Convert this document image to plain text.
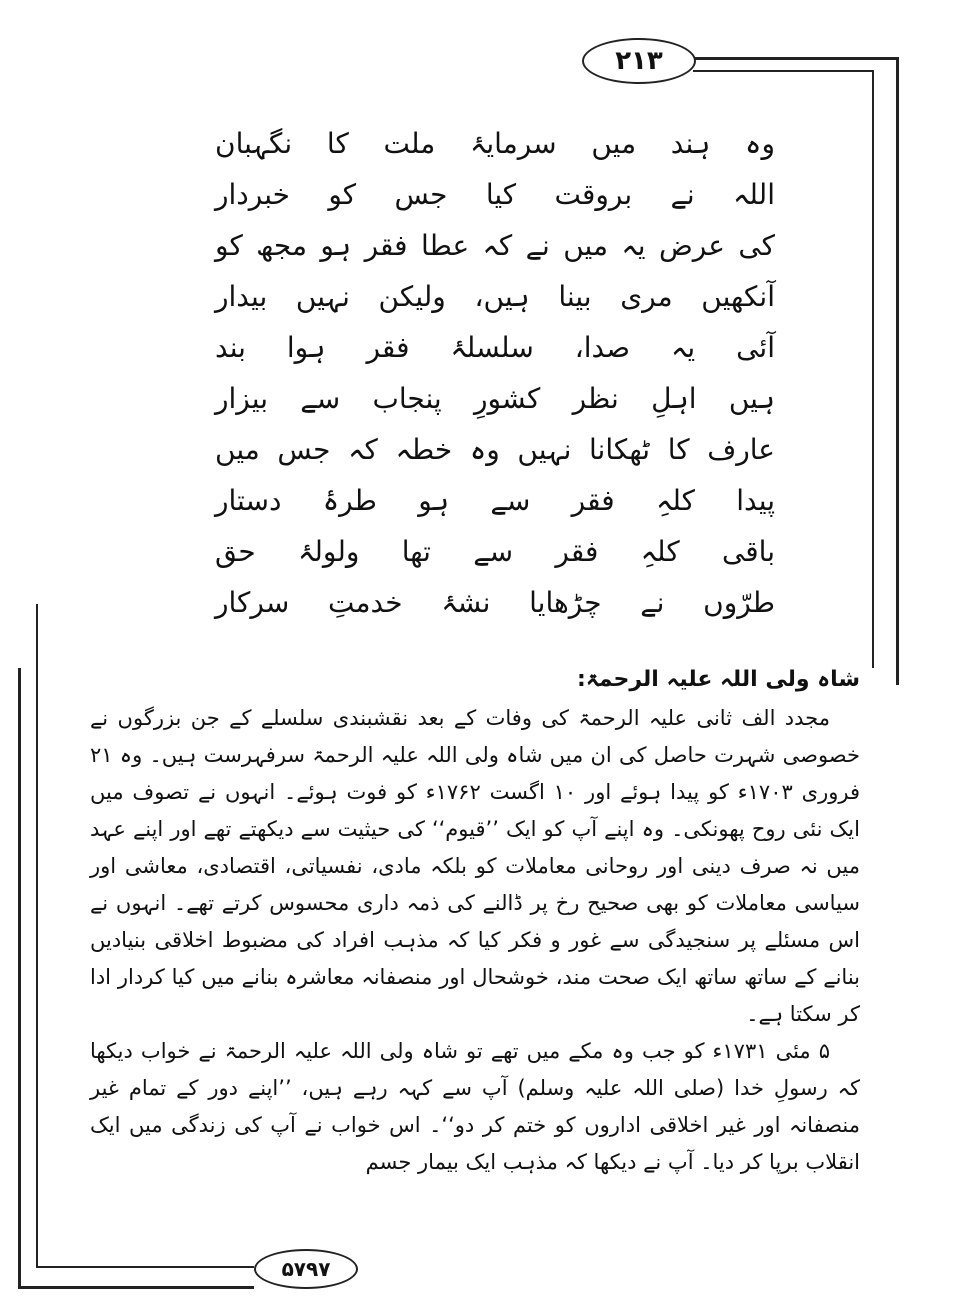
۲۱۳
وہ ہند میں سرمایۂ ملت کا نگہبان
اللہ نے بروقت کیا جس کو خبردار
کی عرض یہ میں نے کہ عطا فقر ہو مجھ کو
آنکھیں مری بینا ہیں، ولیکن نہیں بیدار
آئی یہ صدا، سلسلۂ فقر ہوا بند
ہیں اہلِ نظر کشورِ پنجاب سے بیزار
عارف کا ٹھکانا نہیں وہ خطہ کہ جس میں
پیدا کلہِ فقر سے ہو طرۂ دستار
باقی کلہِ فقر سے تھا ولولۂ حق
طرّوں نے چڑھایا نشۂ خدمتِ سرکار
شاہ ولی اللہ علیہ الرحمۃ:

مجدد الف ثانی علیہ الرحمۃ کی وفات کے بعد نقشبندی سلسلے کے جن بزرگوں نے خصوصی شہرت حاصل کی ان میں شاہ ولی اللہ علیہ الرحمۃ سرفہرست ہیں۔ وہ ۲۱ فروری ۱۷۰۳ء کو پیدا ہوئے اور ۱۰ اگست ۱۷۶۲ء کو فوت ہوئے۔ انہوں نے تصوف میں ایک نئی روح پھونکی۔ وہ اپنے آپ کو ایک ’’قیوم‘‘ کی حیثیت سے دیکھتے تھے اور اپنے عہد میں نہ صرف دینی اور روحانی معاملات کو بلکہ مادی، نفسیاتی، اقتصادی، معاشی اور سیاسی معاملات کو بھی صحیح رخ پر ڈالنے کی ذمہ داری محسوس کرتے تھے۔ انہوں نے اس مسئلے پر سنجیدگی سے غور و فکر کیا کہ مذہب افراد کی مضبوط اخلاقی بنیادیں بنانے کے ساتھ ساتھ ایک صحت مند، خوشحال اور منصفانہ معاشرہ بنانے میں کیا کردار ادا کر سکتا ہے۔

۵ مئی ۱۷۳۱ء کو جب وہ مکے میں تھے تو شاہ ولی اللہ علیہ الرحمۃ نے خواب دیکھا کہ رسولِ خدا (صلی اللہ علیہ وسلم) آپ سے کہہ رہے ہیں، ’’اپنے دور کے تمام غیر منصفانہ اور غیر اخلاقی اداروں کو ختم کر دو‘‘۔ اس خواب نے آپ کی زندگی میں ایک انقلاب برپا کر دیا۔ آپ نے دیکھا کہ مذہب ایک بیمار جسم

۵۷۹۷
